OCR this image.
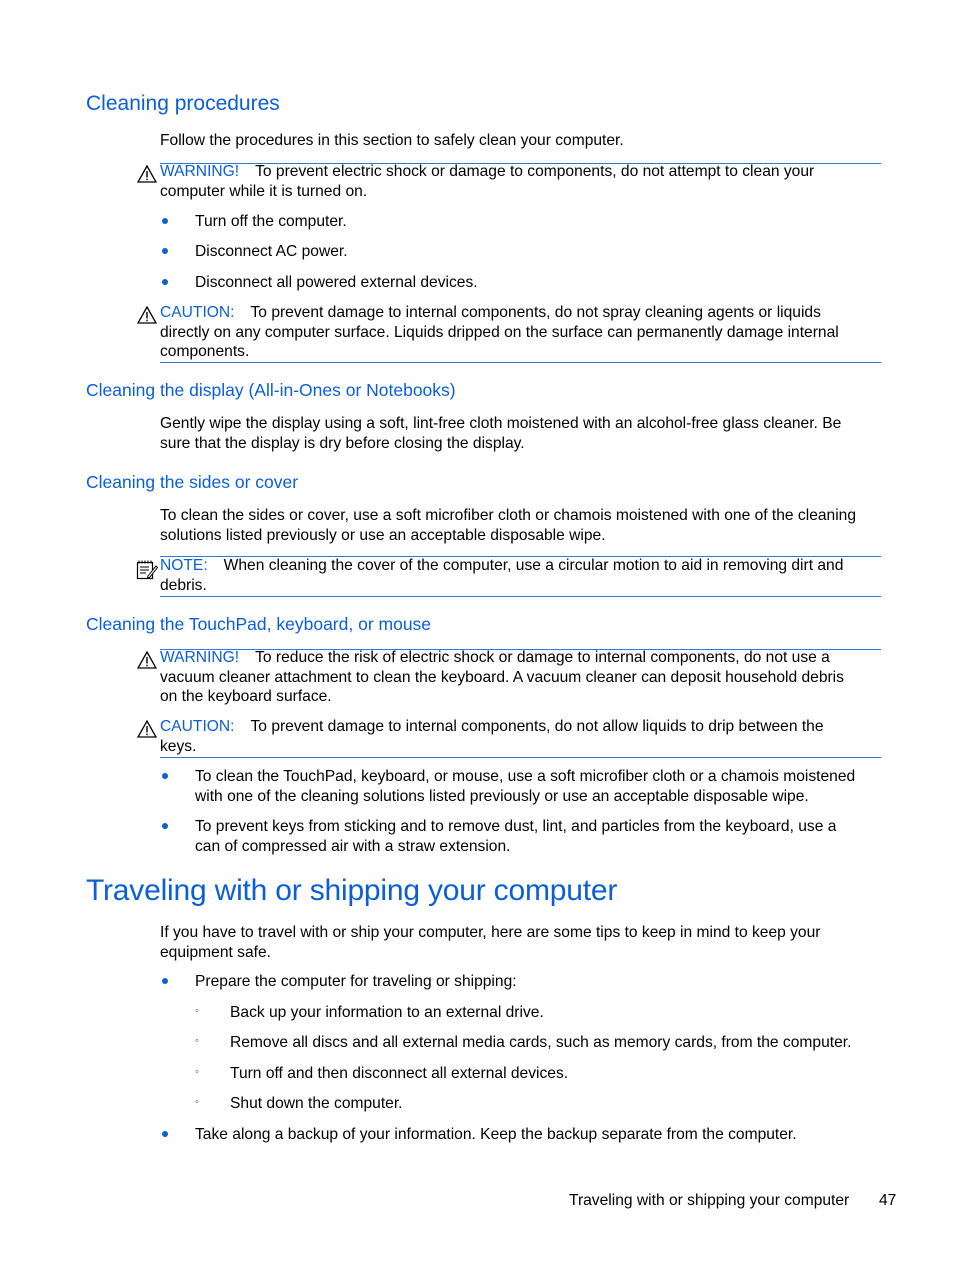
Cleaning procedures
Follow the procedures in this section to safely clean your computer.
WARNING! To prevent electric shock or damage to components, do not attempt to clean your
computer while it is turned on.
Turn off the computer.
Disconnect AC power.
Disconnect all powered external devices.
CAUTION: To prevent damage to internal components, do not spray cleaning agents or liquids
directly on any computer surface. Liquids dripped on the surface can permanently damage internal
components.
Cleaning the display (All-in-Ones or Notebooks)
Gently wipe the display using a soft, lint-free cloth moistened with an alcohol-free glass cleaner. Be
sure that the display is dry before closing the display.
Cleaning the sides or cover
To clean the sides or cover, use a soft microfiber cloth or chamois moistened with one of the cleaning
solutions listed previously or use an acceptable disposable wipe.
NOTE: When cleaning the cover of the computer, use a circular motion to aid in removing dirt and
debris.
Cleaning the TouchPad, keyboard, or mouse
WARNING! To reduce the risk of electric shock or damage to internal components, do not use a
vacuum cleaner attachment to clean the keyboard. A vacuum cleaner can deposit household debris
on the keyboard surface.
CAUTION: To prevent damage to internal components, do not allow liquids to drip between the
keys.
To clean the TouchPad, keyboard, or mouse, use a soft microfiber cloth or a chamois moistened
with one of the cleaning solutions listed previously or use an acceptable disposable wipe.
To prevent keys from sticking and to remove dust, lint, and particles from the keyboard, use a
can of compressed air with a straw extension.
Traveling with or shipping your computer
If you have to travel with or ship your computer, here are some tips to keep in mind to keep your
equipment safe.
Prepare the computer for traveling or shipping:
◦ Back up your information to an external drive.
◦ Remove all discs and all external media cards, such as memory cards, from the computer.
◦ Turn off and then disconnect all external devices.
◦ Shut down the computer.
Take along a backup of your information. Keep the backup separate from the computer.
Traveling with or shipping your computer 47
